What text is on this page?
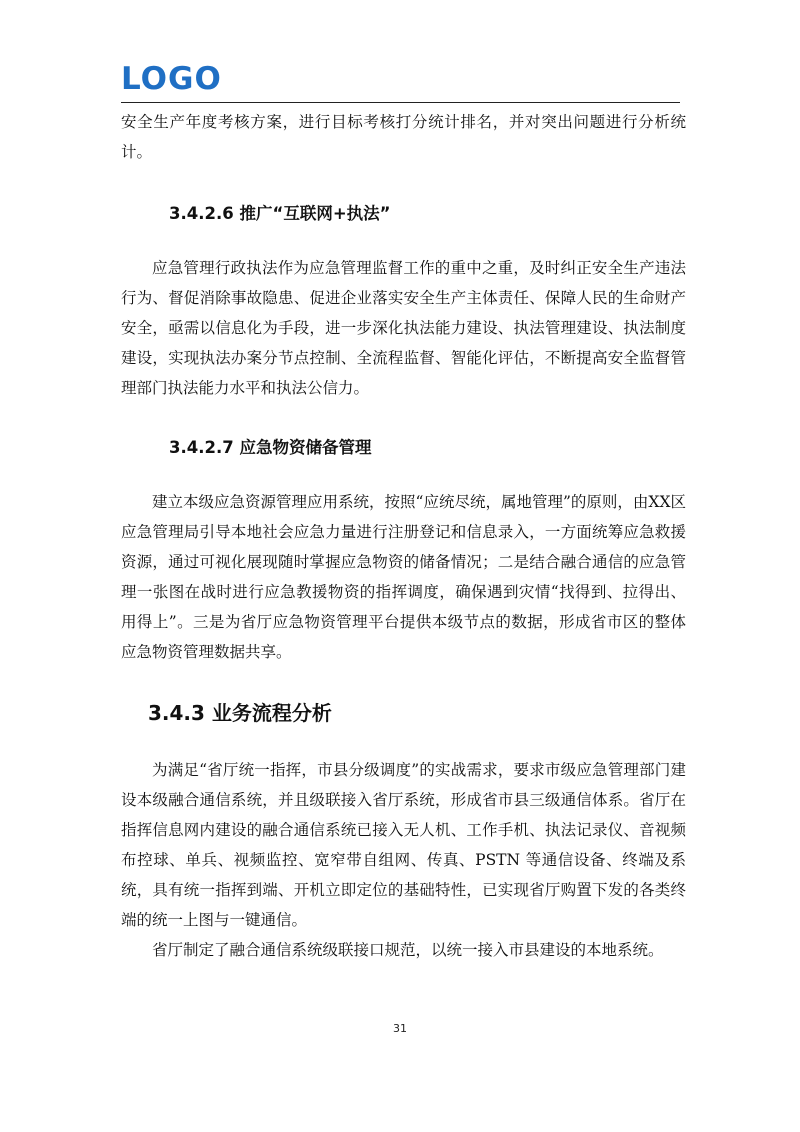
LOGO

安全生产年度考核方案，进行目标考核打分统计排名，并对突出问题进行分析统计。

3.4.2.6 推广“互联网+执法”

应急管理行政执法作为应急管理监督工作的重中之重，及时纠正安全生产违法行为、督促消除事故隐患、促进企业落实安全生产主体责任、保障人民的生命财产安全，亟需以信息化为手段，进一步深化执法能力建设、执法管理建设、执法制度建设，实现执法办案分节点控制、全流程监督、智能化评估，不断提高安全监督管理部门执法能力水平和执法公信力。

3.4.2.7 应急物资储备管理

建立本级应急资源管理应用系统，按照“应统尽统，属地管理”的原则，由XX区应急管理局引导本地社会应急力量进行注册登记和信息录入，一方面统筹应急救援资源，通过可视化展现随时掌握应急物资的储备情况；二是结合融合通信的应急管理一张图在战时进行应急教援物资的指挥调度，确保遇到灾情“找得到、拉得出、用得上”。三是为省厅应急物资管理平台提供本级节点的数据，形成省市区的整体应急物资管理数据共享。

3.4.3 业务流程分析

为满足“省厅统一指挥，市县分级调度”的实战需求，要求市级应急管理部门建设本级融合通信系统，并且级联接入省厅系统，形成省市县三级通信体系。省厅在指挥信息网内建设的融合通信系统已接入无人机、工作手机、执法记录仪、音视频布控球、单兵、视频监控、宽窄带自组网、传真、PSTN 等通信设备、终端及系统，具有统一指挥到端、开机立即定位的基础特性，已实现省厅购置下发的各类终端的统一上图与一键通信。

省厅制定了融合通信系统级联接口规范，以统一接入市县建设的本地系统。

31
